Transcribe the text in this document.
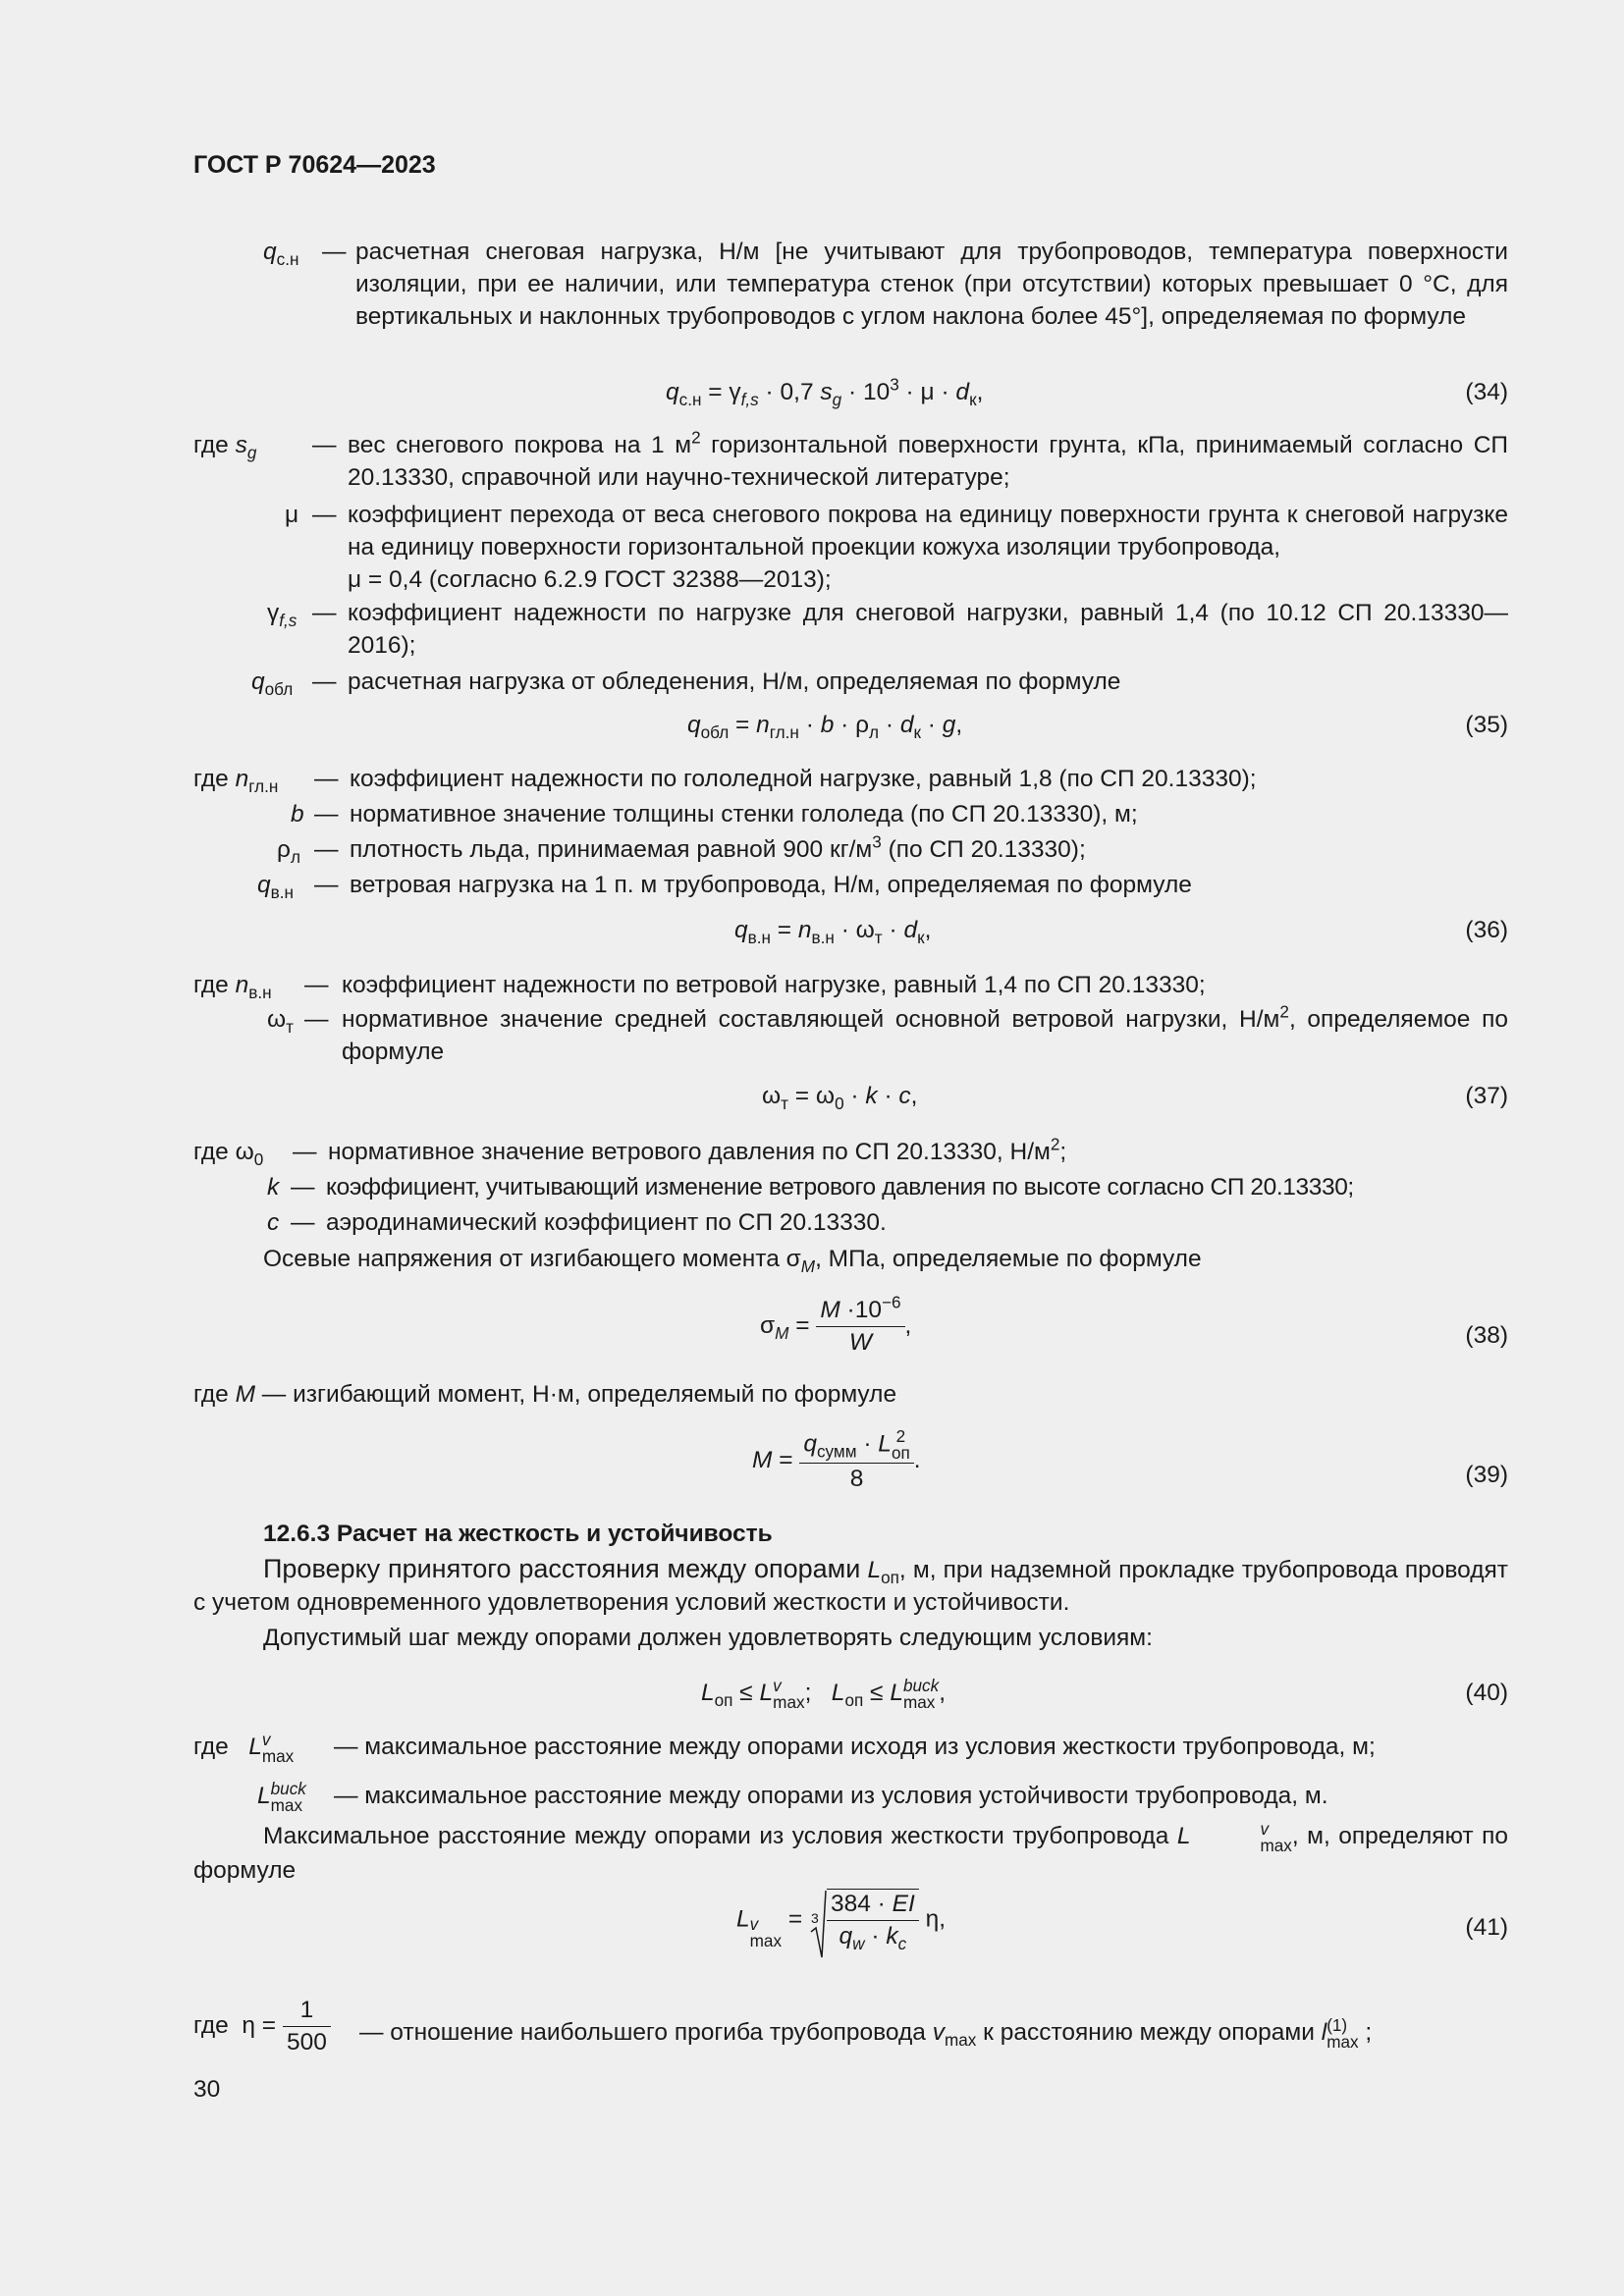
ГОСТ Р 70624—2023
$q_{с.н}$ — расчетная снеговая нагрузка, Н/м [не учитывают для трубопроводов, температура поверхности изоляции, при ее наличии, или температура стенок (при отсутствии) которых превышает 0 °С, для вертикальных и наклонных трубопроводов с углом наклона более 45°], определяемая по формуле
$q_{с.н} = \gamma_{f,s} \cdot 0,7$ $s_g \cdot 10^3 \cdot \mu \cdot d_к$,	(34)
где $s_g$ — вес снегового покрова на 1 $м^2$ горизонтальной поверхности грунта, кПа, принимаемый согласно СП 20.13330, справочной или научно-технической литературе;
μ — коэффициент перехода от веса снегового покрова на единицу поверхности грунта к снеговой нагрузке на единицу поверхности горизонтальной проекции кожуха изоляции трубопровода,
μ = 0,4 (согласно 6.2.9 ГОСТ 32388—2013);
$\gamma_{f,s}$ — коэффициент надежности по нагрузке для снеговой нагрузки, равный 1,4 (по 10.12 СП 20.13330—2016);
$q_{обл}$ — расчетная нагрузка от обледенения, Н/м, определяемая по формуле
$q_{обл} = n_{гл.н} \cdot b \cdot \rho_л \cdot d_к \cdot g$,	(35)
где $n_{гл.н}$ — коэффициент надежности по гололедной нагрузке, равный 1,8 (по СП 20.13330);
b — нормативное значение толщины стенки гололеда (по СП 20.13330), м;
$\rho_л$ — плотность льда, принимаемая равной 900 $кг/м^3$ (по СП 20.13330);
$q_{в.н}$ — ветровая нагрузка на 1 п. м трубопровода, Н/м, определяемая по формуле
$q_{в.н} = n_{в.н} \cdot \omega_т \cdot d_к$,	(36)
где $n_{в.н}$ — коэффициент надежности по ветровой нагрузке, равный 1,4 по СП 20.13330;
$\omega_т$ — нормативное значение средней составляющей основной ветровой нагрузки, $Н/м^2$, определяемое по формуле
$\omega_т = \omega_0 \cdot k \cdot c$,	(37)
где $\omega_0$ — нормативное значение ветрового давления по СП 20.13330, $Н/м^2$;
k — коэффициент, учитывающий изменение ветрового давления по высоте согласно СП 20.13330;
c — аэродинамический коэффициент по СП 20.13330.
Осевые напряжения от изгибающего момента $\sigma_M$, МПа, определяемые по формуле
$\sigma_M = \frac{M \cdot 10^{-6}}{W}$ ,	(38)
где M — изгибающий момент, Н·м, определяемый по формуле
$M = q_{сумм} \cdot L$ 2
оп
8 .
(39)
12.6.3 Расчет на жесткость и устойчивость
Проверку принятого расстояния между опорами $L_{оп}$, м, при надземной прокладке трубопровода проводят с учетом одновременного удовлетворения условий жесткости и устойчивости.
Допустимый шаг между опорами должен удовлетворять следующим условиям:
$L_{оп} \le L$ v
max ;   $L_{оп} \le L$ buck
max ,	(40)
где L v
max — максимальное расстояние между опорами исходя из условия жесткости трубопровода, м;
L buck
max — максимальное расстояние между опорами из условия устойчивости трубопровода, м.
Максимальное расстояние между опорами из условия жесткости трубопровода L	v
max , м, определяют по формуле
L v
max
= $3 \frac{384 \cdot EI}{q_w \cdot k_c} \eta$,	(41)
где  $\eta = \frac{1}{500}$ — отношение наибольшего прогиба трубопровода $v_{max}$ к расстоянию между опорами l (1)
max ;
30
